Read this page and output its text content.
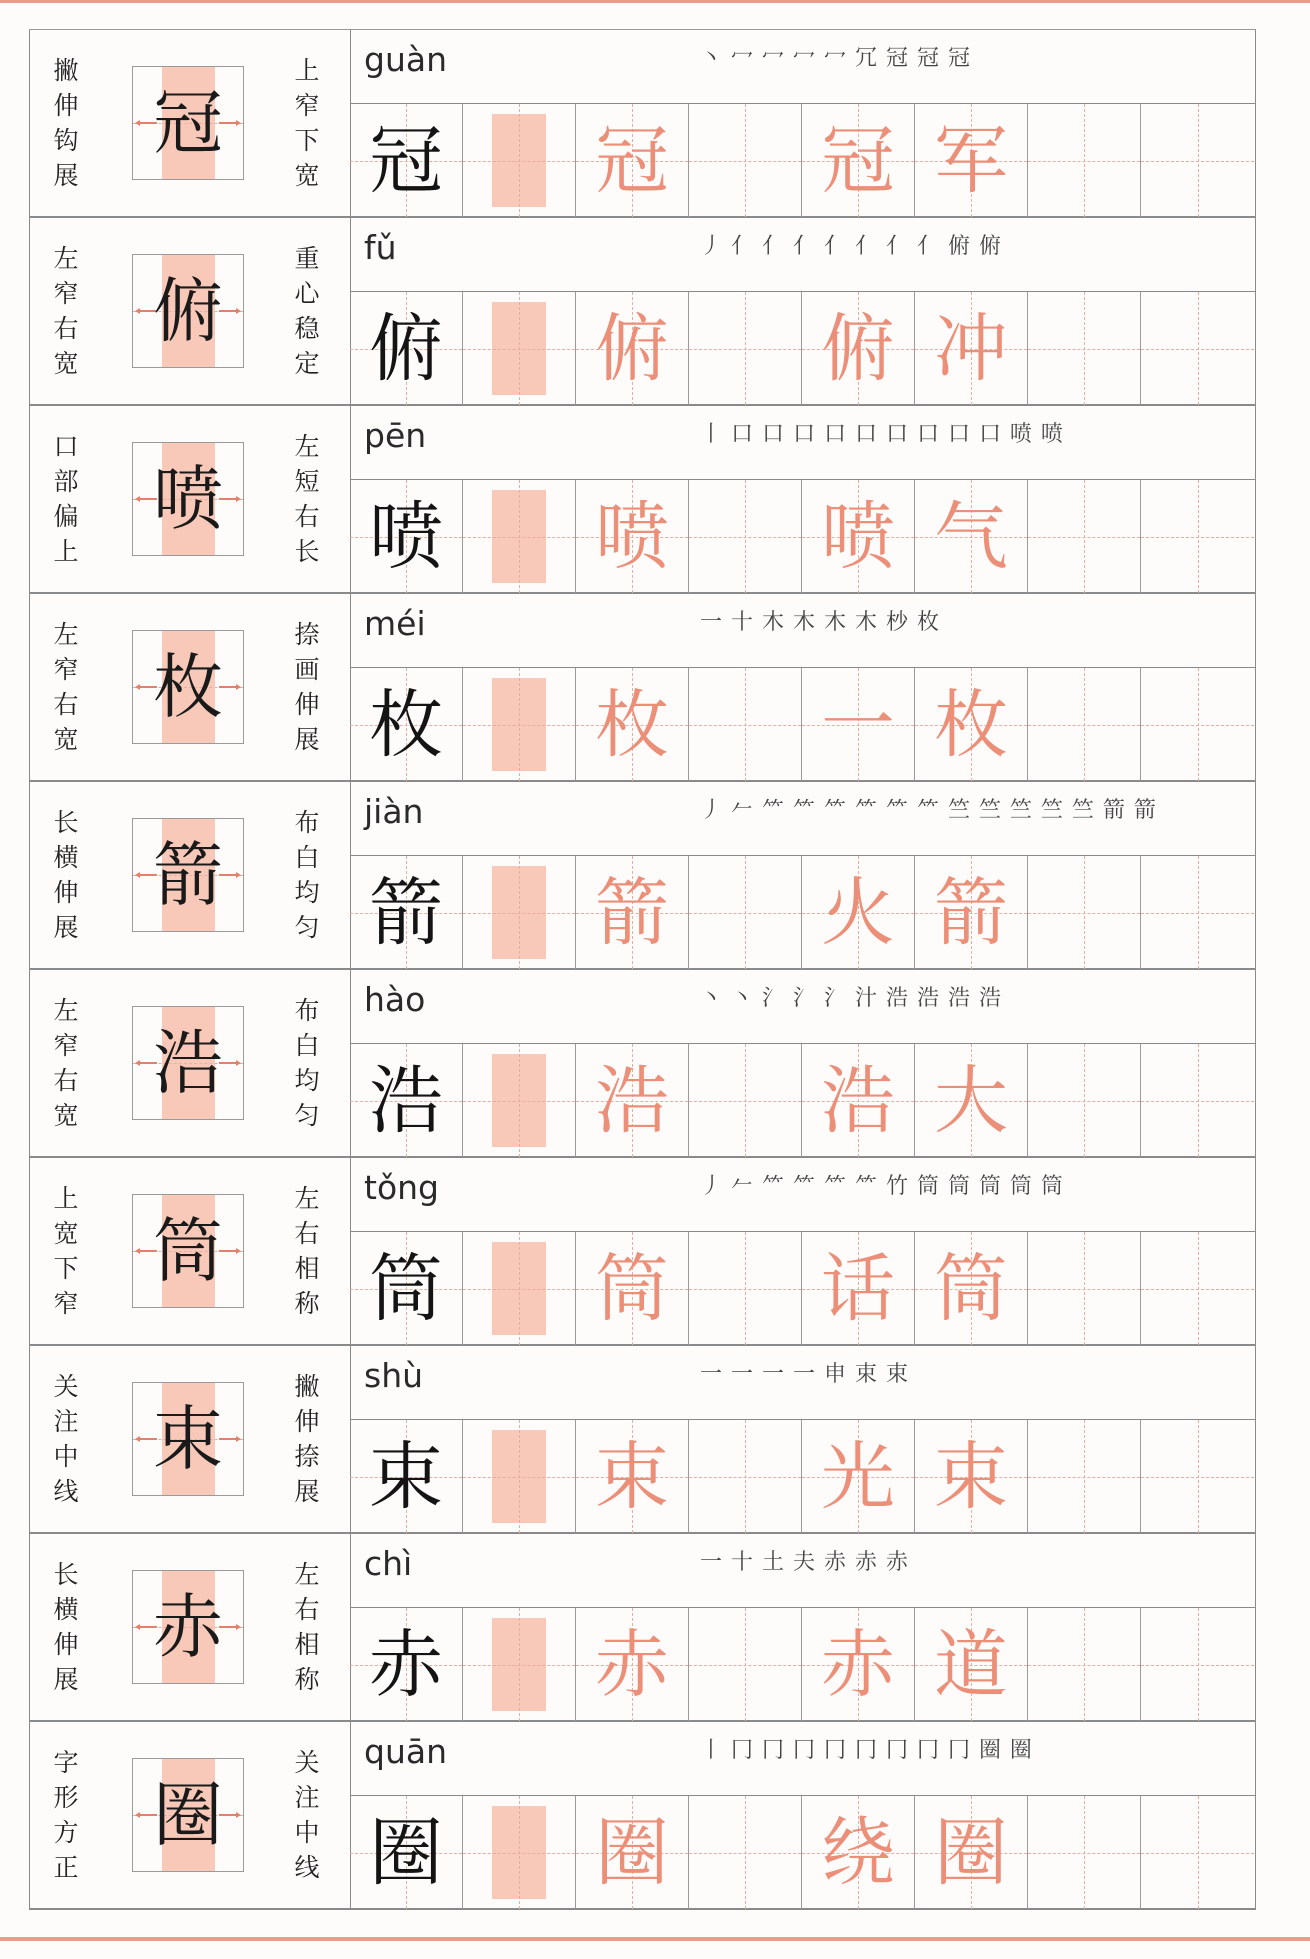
撇
伸
钩
展
冠
上
窄
下
宽
guàn	丶 冖 冖 冖 冖 冗 冠 冠 冠
冠 冠 冠 军
左
窄
右
宽
俯
重
心
稳
定
fǔ	丿 亻 亻 亻 亻 亻 亻 亻 俯 俯
俯 俯 俯 冲
口
部
偏
上
喷
左
短
右
长
pēn	丨 口 口 口 口 口 口 口 口 口 喷 喷
喷 喷 喷 气
左
窄
右
宽
枚
捺
画
伸
展
méi	一 十 木 木 木 木 杪 枚
枚 枚 一 枚
长
横
伸
展
箭
布
白
均
匀
jiàn	丿 𠂉 ⺮ ⺮ ⺮ ⺮ ⺮ ⺮ 竺 竺 竺 竺 竺 箭 箭
箭 箭 火 箭
左
窄
右
宽
浩
布
白
均
匀
hào	丶 丶 氵 氵 氵 汁 浩 浩 浩 浩
浩 浩 浩 大
上
宽
下
窄
筒
左
右
相
称
tǒng	丿 𠂉 ⺮ ⺮ ⺮ ⺮ 竹 筒 筒 筒 筒 筒
筒 筒 话 筒
关
注
中
线
束
撇
伸
捺
展
shù	一 一 一 一 申 束 束
束 束 光 束
长
横
伸
展
赤
左
右
相
称
chì	一 十 土 夫 赤 赤 赤
赤 赤 赤 道
字
形
方
正
圈
关
注
中
线
quān	丨 冂 冂 冂 冂 冂 冂 冂 冂 圈 圈
圈 圈 绕 圈
